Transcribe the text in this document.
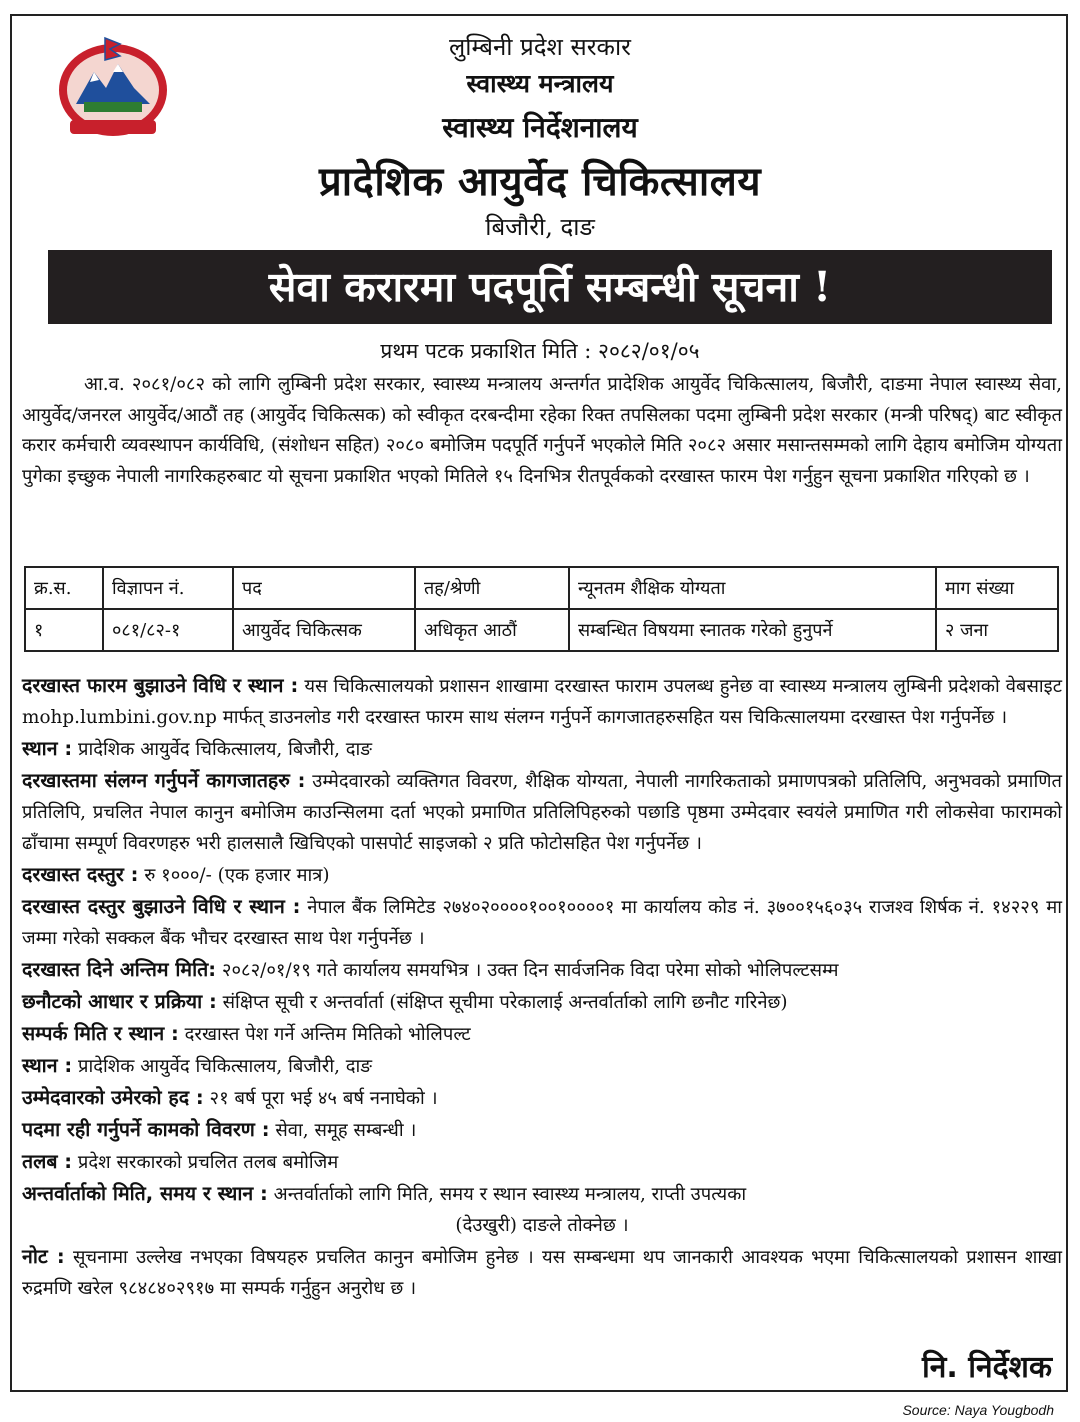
लुम्बिनी प्रदेश सरकार
स्वास्थ्य मन्त्रालय
स्वास्थ्य निर्देशनालय
प्रादेशिक आयुर्वेद चिकित्सालय
बिजौरी, दाङ
सेवा करारमा पदपूर्ति सम्बन्धी सूचना !
प्रथम पटक प्रकाशित मिति : २०८२/०१/०५
आ.व. २०८१/०८२ को लागि लुम्बिनी प्रदेश सरकार, स्वास्थ्य मन्त्रालय अन्तर्गत प्रादेशिक आयुर्वेद चिकित्सालय, बिजौरी, दाङमा नेपाल स्वास्थ्य सेवा, आयुर्वेद/जनरल आयुर्वेद/आठौं तह (आयुर्वेद चिकित्सक) को स्वीकृत दरबन्दीमा रहेका रिक्त तपसिलका पदमा लुम्बिनी प्रदेश सरकार (मन्त्री परिषद्) बाट स्वीकृत करार कर्मचारी व्यवस्थापन कार्यविधि, (संशोधन सहित) २०८० बमोजिम पदपूर्ति गर्नुपर्ने भएकोले मिति २०८२ असार मसान्तसम्मको लागि देहाय बमोजिम योग्यता पुगेका इच्छुक नेपाली नागरिकहरुबाट यो सूचना प्रकाशित भएको मितिले १५ दिनभित्र रीतपूर्वकको दरखास्त फारम पेश गर्नुहुन सूचना प्रकाशित गरिएको छ ।
क्र.स.	विज्ञापन नं.	पद	तह/श्रेणी	न्यूनतम शैक्षिक योग्यता	माग संख्या
१	०८१/८२-१	आयुर्वेद चिकित्सक	अधिकृत आठौं	सम्बन्धित विषयमा स्नातक गरेको हुनुपर्ने	२ जना

दरखास्त फारम बुझाउने विधि र स्थान : यस चिकित्सालयको प्रशासन शाखामा दरखास्त फाराम उपलब्ध हुनेछ वा स्वास्थ्य मन्त्रालय लुम्बिनी प्रदेशको वेबसाइट mohp.lumbini.gov.np मार्फत् डाउनलोड गरी दरखास्त फारम साथ संलग्न गर्नुपर्ने कागजातहरुसहित यस चिकित्सालयमा दरखास्त पेश गर्नुपर्नेछ ।

स्थान : प्रादेशिक आयुर्वेद चिकित्सालय, बिजौरी, दाङ

दरखास्तमा संलग्न गर्नुपर्ने कागजातहरु : उम्मेदवारको व्यक्तिगत विवरण, शैक्षिक योग्यता, नेपाली नागरिकताको प्रमाणपत्रको प्रतिलिपि, अनुभवको प्रमाणित प्रतिलिपि, प्रचलित नेपाल कानुन बमोजिम काउन्सिलमा दर्ता भएको प्रमाणित प्रतिलिपिहरुको पछाडि पृष्ठमा उम्मेदवार स्वयंले प्रमाणित गरी लोकसेवा फारामको ढाँचामा सम्पूर्ण विवरणहरु भरी हालसालै खिचिएको पासपोर्ट साइजको २ प्रति फोटोसहित पेश गर्नुपर्नेछ ।

दरखास्त दस्तुर : रु १०००/- (एक हजार मात्र)

दरखास्त दस्तुर बुझाउने विधि र स्थान : नेपाल बैंक लिमिटेड २७४०२००००१००१००००१ मा कार्यालय कोड नं. ३७००१५६०३५ राजश्व शिर्षक नं. १४२२९ मा जम्मा गरेको सक्कल बैंक भौचर दरखास्त साथ पेश गर्नुपर्नेछ ।

दरखास्त दिने अन्तिम मिति: २०८२/०१/१९ गते कार्यालय समयभित्र । उक्त दिन सार्वजनिक विदा परेमा सोको भोलिपल्टसम्म

छनौटको आधार र प्रक्रिया : संक्षिप्त सूची र अन्तर्वार्ता (संक्षिप्त सूचीमा परेकालाई अन्तर्वार्ताको लागि छनौट गरिनेछ)

सम्पर्क मिति र स्थान : दरखास्त पेश गर्ने अन्तिम मितिको भोलिपल्ट

स्थान : प्रादेशिक आयुर्वेद चिकित्सालय, बिजौरी, दाङ

उम्मेदवारको उमेरको हद : २१ बर्ष पूरा भई ४५ बर्ष ननाघेको ।

पदमा रही गर्नुपर्ने कामको विवरण : सेवा, समूह सम्बन्धी ।

तलब : प्रदेश सरकारको प्रचलित तलब बमोजिम

अन्तर्वार्ताको मिति, समय र स्थान : अन्तर्वार्ताको लागि मिति, समय र स्थान स्वास्थ्य मन्त्रालय, राप्ती उपत्यका
(देउखुरी) दाङले तोक्नेछ ।

नोट : सूचनामा उल्लेख नभएका विषयहरु प्रचलित कानुन बमोजिम हुनेछ । यस सम्बन्धमा थप जानकारी आवश्यक भएमा चिकित्सालयको प्रशासन शाखा रुद्रमणि खरेल ९८४८४०२९१७ मा सम्पर्क गर्नुहुन अनुरोध छ ।

नि. निर्देशक
Source: Naya Yougbodh
